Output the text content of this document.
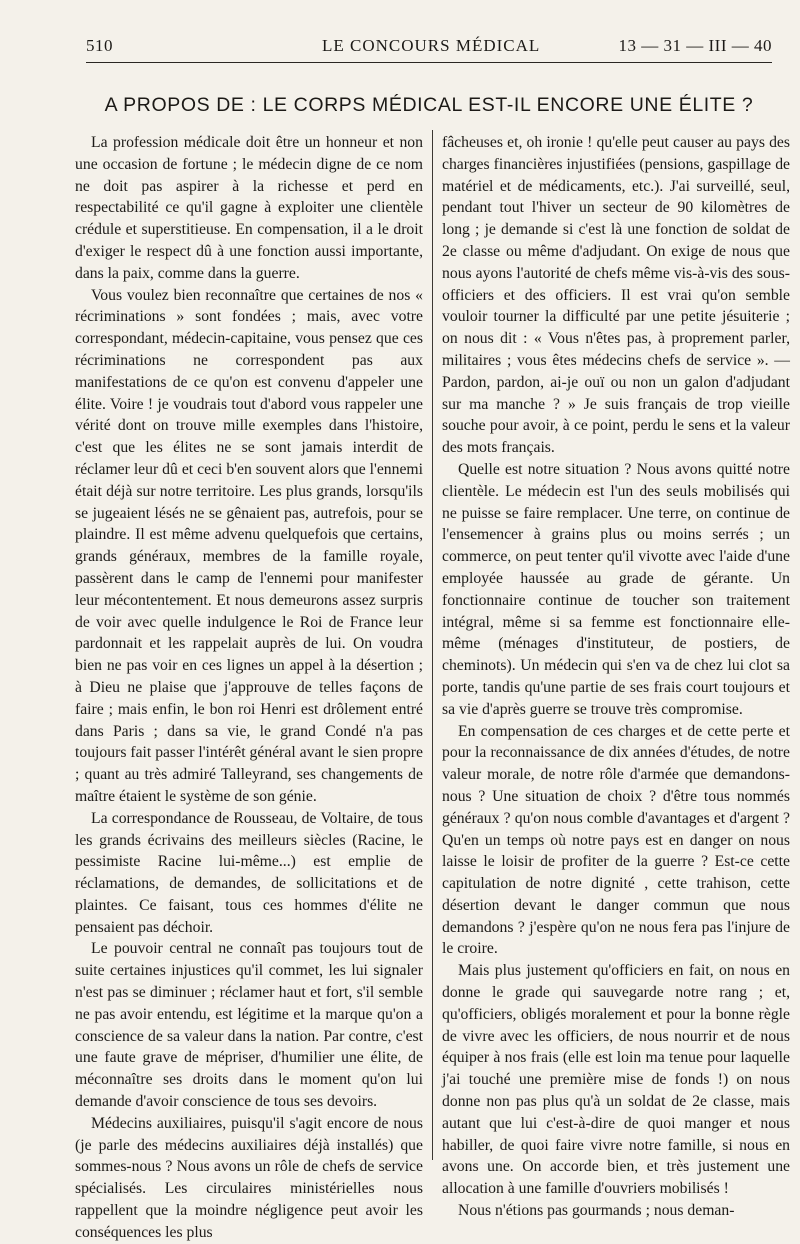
510	LE CONCOURS MÉDICAL	13 — 31 — III — 40
A PROPOS DE : LE CORPS MÉDICAL EST-IL ENCORE UNE ÉLITE ?

La profession médicale doit être un honneur et non une occasion de fortune ; le médecin digne de ce nom ne doit pas aspirer à la richesse et perd en respectabilité ce qu'il gagne à exploiter une clientèle crédule et superstitieuse. En compensation, il a le droit d'exiger le respect dû à une fonction aussi importante, dans la paix, comme dans la guerre.

Vous voulez bien reconnaître que certaines de nos « récriminations » sont fondées ; mais, avec votre correspondant, médecin-capitaine, vous pensez que ces récriminations ne correspondent pas aux manifestations de ce qu'on est convenu d'appeler une élite. Voire ! je voudrais tout d'abord vous rappeler une vérité dont on trouve mille exemples dans l'histoire, c'est que les élites ne se sont jamais interdit de réclamer leur dû et ceci b'en souvent alors que l'ennemi était déjà sur notre territoire. Les plus grands, lorsqu'ils se jugeaient lésés ne se gênaient pas, autrefois, pour se plaindre. Il est même advenu quelquefois que certains, grands généraux, membres de la famille royale, passèrent dans le camp de l'ennemi pour manifester leur mécontentement. Et nous demeurons assez surpris de voir avec quelle indulgence le Roi de France leur pardonnait et les rappelait auprès de lui. On voudra bien ne pas voir en ces lignes un appel à la désertion ; à Dieu ne plaise que j'approuve de telles façons de faire ; mais enfin, le bon roi Henri est drôlement entré dans Paris ; dans sa vie, le grand Condé n'a pas toujours fait passer l'intérêt général avant le sien propre ; quant au très admiré Talleyrand, ses changements de maître étaient le système de son génie.

La correspondance de Rousseau, de Voltaire, de tous les grands écrivains des meilleurs siècles (Racine, le pessimiste Racine lui-même...) est emplie de réclamations, de demandes, de sollicitations et de plaintes. Ce faisant, tous ces hommes d'élite ne pensaient pas déchoir.

Le pouvoir central ne connaît pas toujours tout de suite certaines injustices qu'il commet, les lui signaler n'est pas se diminuer ; réclamer haut et fort, s'il semble ne pas avoir entendu, est légitime et la marque qu'on a conscience de sa valeur dans la nation. Par contre, c'est une faute grave de mépriser, d'humilier une élite, de méconnaître ses droits dans le moment qu'on lui demande d'avoir conscience de tous ses devoirs.

Médecins auxiliaires, puisqu'il s'agit encore de nous (je parle des médecins auxiliaires déjà installés) que sommes-nous ? Nous avons un rôle de chefs de service spécialisés. Les circulaires ministérielles nous rappellent que la moindre négligence peut avoir les conséquences les plus

fâcheuses et, oh ironie ! qu'elle peut causer au pays des charges financières injustifiées (pensions, gaspillage de matériel et de médicaments, etc.). J'ai surveillé, seul, pendant tout l'hiver un secteur de 90 kilomètres de long ; je demande si c'est là une fonction de soldat de 2e classe ou même d'adjudant. On exige de nous que nous ayons l'autorité de chefs même vis-à-vis des sous-officiers et des officiers. Il est vrai qu'on semble vouloir tourner la difficulté par une petite jésuiterie ; on nous dit : « Vous n'êtes pas, à proprement parler, militaires ; vous êtes médecins chefs de service ». — Pardon, pardon, ai-je ouï ou non un galon d'adjudant sur ma manche ? » Je suis français de trop vieille souche pour avoir, à ce point, perdu le sens et la valeur des mots français.

Quelle est notre situation ? Nous avons quitté notre clientèle. Le médecin est l'un des seuls mobilisés qui ne puisse se faire remplacer. Une terre, on continue de l'ensemencer à grains plus ou moins serrés ; un commerce, on peut tenter qu'il vivotte avec l'aide d'une employée haussée au grade de gérante. Un fonctionnaire continue de toucher son traitement intégral, même si sa femme est fonctionnaire elle-même (ménages d'instituteur, de postiers, de cheminots). Un médecin qui s'en va de chez lui clot sa porte, tandis qu'une partie de ses frais court toujours et sa vie d'après guerre se trouve très compromise.

En compensation de ces charges et de cette perte et pour la reconnaissance de dix années d'études, de notre valeur morale, de notre rôle d'armée que demandons-nous ? Une situation de choix ? d'être tous nommés généraux ? qu'on nous comble d'avantages et d'argent ? Qu'en un temps où notre pays est en danger on nous laisse le loisir de profiter de la guerre ? Est-ce cette capitulation de notre dignité , cette trahison, cette désertion devant le danger commun que nous demandons ? j'espère qu'on ne nous fera pas l'injure de le croire.

Mais plus justement qu'officiers en fait, on nous en donne le grade qui sauvegarde notre rang ; et, qu'officiers, obligés moralement et pour la bonne règle de vivre avec les officiers, de nous nourrir et de nous équiper à nos frais (elle est loin ma tenue pour laquelle j'ai touché une première mise de fonds !) on nous donne non pas plus qu'à un soldat de 2e classe, mais autant que lui c'est-à-dire de quoi manger et nous habiller, de quoi faire vivre notre famille, si nous en avons une. On accorde bien, et très justement une allocation à une famille d'ouvriers mobilisés !

Nous n'étions pas gourmands ; nous deman-
